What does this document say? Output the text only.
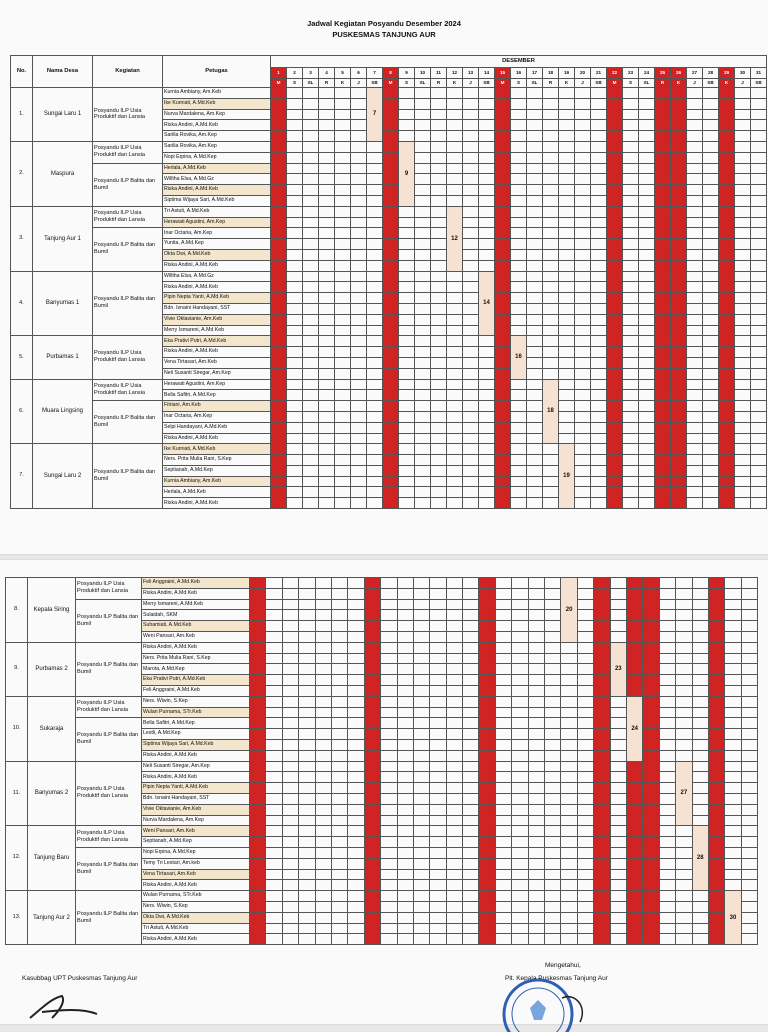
Jadwal Kegiatan Posyandu Desember 2024
PUSKESMAS TANJUNG AUR
No.	Nama Desa	Kegiatan	Petugas	DESEMBER																														
				1	2	3	4	5	6	7	8	9	10	11	12	13	14	15	16	17	18	19	20	21	22	23	24	25	26	27	28	29	30	31
				M	S	SL	R	K	J	SB	M	S	SL	R	K	J	SB	M	S	SL	R	K	J	SB	M	S	SL	R	K	J	SB	K	J	SB
1.	Sungai Laru 1	Posyandu ILP Usia Produktif dan Lansia	Kurnia Ambiany, Am.Keb							7																								
			Ike Kurniati, A.Md.Keb																															
			Nurva Mardalena, Am.Kep																															
			Riska Andini, A.Md.Keb																															
			Sarilia Rovika, Am.Kep																															
2.	Maspura	Posyandu ILP Usia Produktif dan Lansia	Sarilia Rovika, Am.Kep									9																						
			Nopi Erpina, A.Md.Kep																															
		Posyandu ILP Balita dan Bumil	Herlala, A.Md.Keb																															
			Willtha Elsa, A.Md.Gz																															
			Riska Andini, A.Md.Keb																															
			Siptima Wijaya Sari, A.Md.Keb																															
3.	Tanjung Aur 1	Posyandu ILP Usia Produktif dan Lansia	Tri Astuti, A.Md.Keb												12																			
			Herawati Agustini, Am.Kep																															
		Posyandu ILP Balita dan Bumil	Inar Octaria, Am.Kep																															
			Yunita, A.Md.Kep																															
			Okta Dwi, A.Md.Keb																															
			Riska Andini, A.Md.Keb																															
4.	Banyumas 1	Posyandu ILP Balita dan Bumil	Willtha Elsa, A.Md.Gz														14																	
			Riska Andini, A.Md.Keb																															
			Pipin Nepta Yanti, A.Md.Keb																															
			Bdn. Isnaini Handayani, SST																															
			Vivie Oktavianie, Am.Keb																															
			Merry Ismareni, A.Md.Keb																															
5.	Purbamas 1	Posyandu ILP Usia Produktif dan Lansia	Eka Prativi Putri, A.Md.Keb																16															
			Riska Andini, A.Md.Keb																															
			Vena Tirtasari, Am.Keb																															
			Neli Susanti Siregar, Am.Kep																															
6.	Muara Lingsing	Posyandu ILP Usia Produktif dan Lansia	Herawati Agustini, Am.Kep																		18													
			Bella Safitri, A.Md.Kep																															
		Posyandu ILP Balita dan Bumil	Fitriani, Am.Keb																															
			Inar Octaria, Am.Kep																															
			Selpi Handayani, A.Md.Keb																															
			Riska Andini, A.Md.Keb																															
7.	Sungai Laru 2	Posyandu ILP Balita dan Bumil	Ike Kurniati, A.Md.Keb																			19												
			Ners. Prita Mulia Rani, S.Kep																															
			Septianah, A.Md.Kep																															
			Kurnia Ambiany, Am.Keb																															
			Herlala, A.Md.Keb																															
			Riska Andini, A.Md.Keb																															
8.	Kepala Siring	Posyandu ILP Usia Produktif dan Lansia	Feli Anggraini, A.Md.Keb																				20											
			Riska Andini, A.Md.Keb																															
		Posyandu ILP Balita dan Bumil	Merry Ismareni, A.Md.Keb																															
			Sulaidah, SKM																															
			Suhamiati, A.Md.Keb																															
			Weni Pansari, Am.Keb																															
9.	Purbamas 2	Posyandu ILP Balita dan Bumil	Riska Andini, A.Md.Keb																							23								
			Ners. Prita Mulia Rani, S.Kep																															
			Marota, A.Md.Kep																															
			Eka Prativi Putri, A.Md.Keb																															
			Feli Anggraini, A.Md.Keb																															
10.	Sukaraja	Posyandu ILP Usia Produktif dan Lansia	Ners. Wiwin, S.Kep																								24							
			Wulan Purnama, STr.Keb																															
		Posyandu ILP Balita dan Bumil	Bella Safitri, A.Md.Kep																															
			Lestli, A.Md.Kep																															
			Siptima Wijaya Sari, A.Md.Keb																															
			Riska Andini, A.Md.Keb																															
11.	Banyumas 2	Posyandu ILP Usia Produktif dan Lansia	Neli Susanti Siregar, Am.Kep																											27				
			Riska Andini, A.Md.Keb																															
			Pipin Nepta Yanti, A.Md.Keb																															
			Bdn. Isnaini Handayani, SST																															
			Vivie Oktavianie, Am.Keb																															
			Nurva Mardalena, Am.Kep																															
12.	Tanjung Baru	Posyandu ILP Usia Produktif dan Lansia	Weni Pansari, Am.Keb																												28			
			Septianah, A.Md.Kep																															
		Posyandu ILP Balita dan Bumil	Nopi Erpina, A.Md.Kep																															
			Temy Tri Lestari, Am.keb																															
			Vena Tirtasari, Am.Keb																															
			Riska Andini, A.Md.Keb																															
13.	Tanjung Aur 2	Posyandu ILP Balita dan Bumil	Wulan Purnama, STr.Keb																														30	
			Ners. Wiwin, S.Kep																															
			Okta Dwi, A.Md.Keb																															
			Tri Astuti, A.Md.Keb																															
			Riska Andini, A.Md.Keb																															
Kasubbag UPT Puskesmas Tanjung Aur
Mengetahui,
Plt. Kepala Puskesmas Tanjung Aur
